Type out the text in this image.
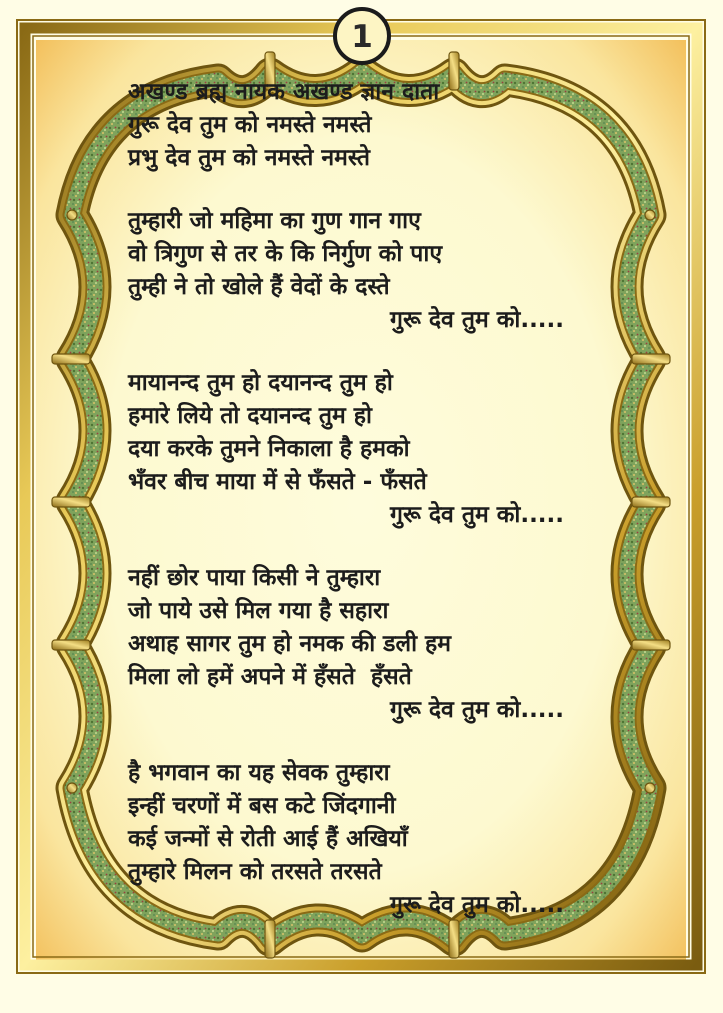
1
अखण्ड ब्रह्म नायक अखण्ड ज्ञान दाता
गुरू देव तुम को नमस्ते नमस्ते
प्रभु देव तुम को नमस्ते नमस्ते
तुम्हारी जो महिमा का गुण गान गाए
वो त्रिगुण से तर के कि निर्गुण को पाए
तुम्ही ने तो खोले हैं वेदों के दस्ते
गुरू देव तुम को.....
मायानन्द तुम हो दयानन्द तुम हो
हमारे लिये तो दयानन्द तुम हो
दया करके तुमने निकाला है हमको
भँवर बीच माया में से फँसते - फँसते
गुरू देव तुम को.....
नहीं छोर पाया किसी ने तुम्हारा
जो पाये उसे मिल गया है सहारा
अथाह सागर तुम हो नमक की डली हम
मिला लो हमें अपने में हँसते  हँसते
गुरू देव तुम को.....
है भगवान का यह सेवक तुम्हारा
इन्हीं चरणों में बस कटे जिंदगानी
कई जन्मों से रोती आई हैं अखियाँ
तुम्हारे मिलन को तरसते तरसते
गुरू देव तुम को.....
